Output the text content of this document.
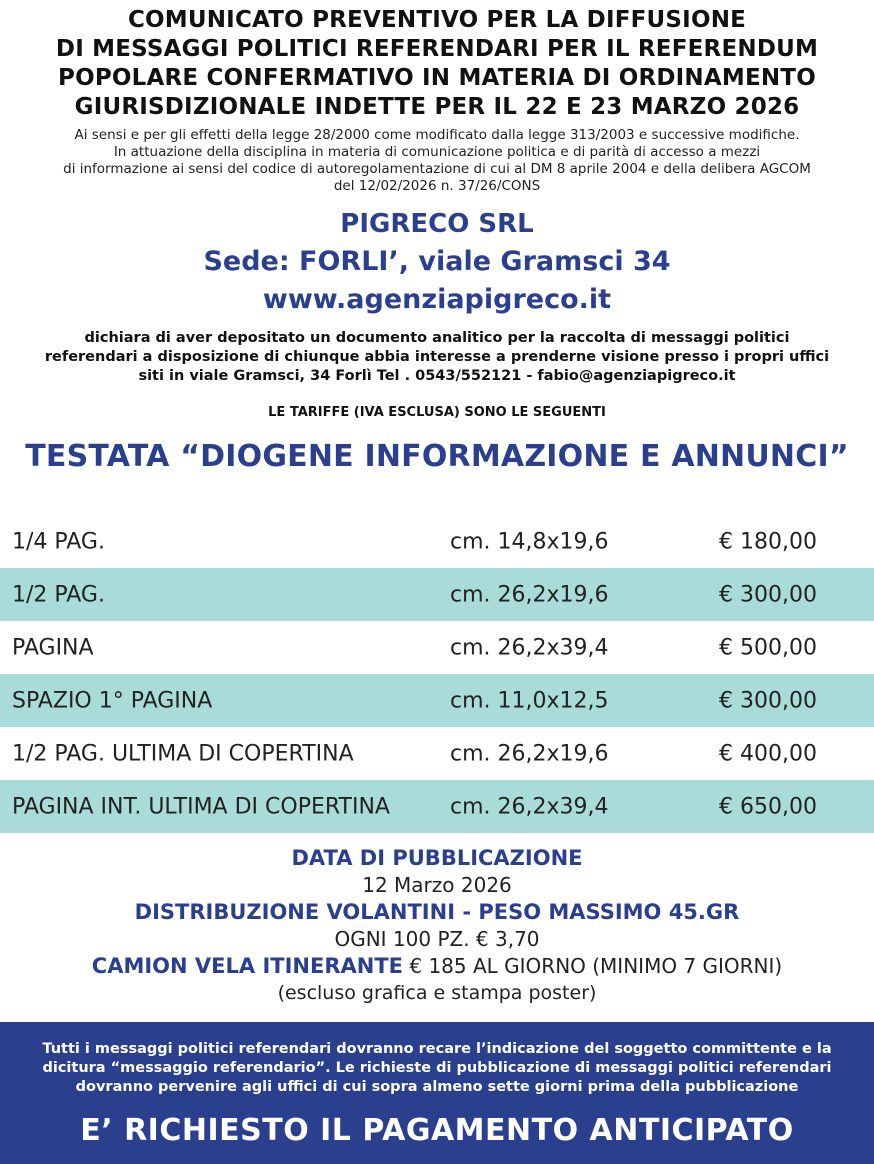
COMUNICATO PREVENTIVO PER LA DIFFUSIONE
DI MESSAGGI POLITICI REFERENDARI PER IL REFERENDUM
POPOLARE CONFERMATIVO IN MATERIA DI ORDINAMENTO
GIURISDIZIONALE INDETTE PER IL 22 E 23 MARZO 2026
Ai sensi e per gli effetti della legge 28/2000 come modificato dalla legge 313/2003 e successive modifiche.
In attuazione della disciplina in materia di comunicazione politica e di parità di accesso a mezzi
di informazione ai sensi del codice di autoregolamentazione di cui al DM 8 aprile 2004 e della delibera AGCOM
del 12/02/2026 n. 37/26/CONS
PIGRECO SRL
Sede: FORLI’, viale Gramsci 34
www.agenziapigreco.it
dichiara di aver depositato un documento analitico per la raccolta di messaggi politici
referendari a disposizione di chiunque abbia interesse a prenderne visione presso i propri uffici
siti in viale Gramsci, 34 Forlì Tel . 0543/552121 - fabio@agenziapigreco.it
LE TARIFFE (IVA ESCLUSA) SONO LE SEGUENTI
TESTATA “DIOGENE INFORMAZIONE E ANNUNCI”
1/4 PAG.	cm. 14,8x19,6	€ 180,00
1/2 PAG.	cm. 26,2x19,6	€ 300,00
PAGINA	cm. 26,2x39,4	€ 500,00
SPAZIO 1° PAGINA	cm. 11,0x12,5	€ 300,00
1/2 PAG. ULTIMA DI COPERTINA	cm. 26,2x19,6	€ 400,00
PAGINA INT. ULTIMA DI COPERTINA	cm. 26,2x39,4	€ 650,00
DATA DI PUBBLICAZIONE
12 Marzo 2026
DISTRIBUZIONE VOLANTINI - PESO MASSIMO 45.GR
OGNI 100 PZ. € 3,70
CAMION VELA ITINERANTE € 185 AL GIORNO (MINIMO 7 GIORNI)
(escluso grafica e stampa poster)
Tutti i messaggi politici referendari dovranno recare l’indicazione del soggetto committente e la
dicitura “messaggio referendario”. Le richieste di pubblicazione di messaggi politici referendari
dovranno pervenire agli uffici di cui sopra almeno sette giorni prima della pubblicazione
E’ RICHIESTO IL PAGAMENTO ANTICIPATO
